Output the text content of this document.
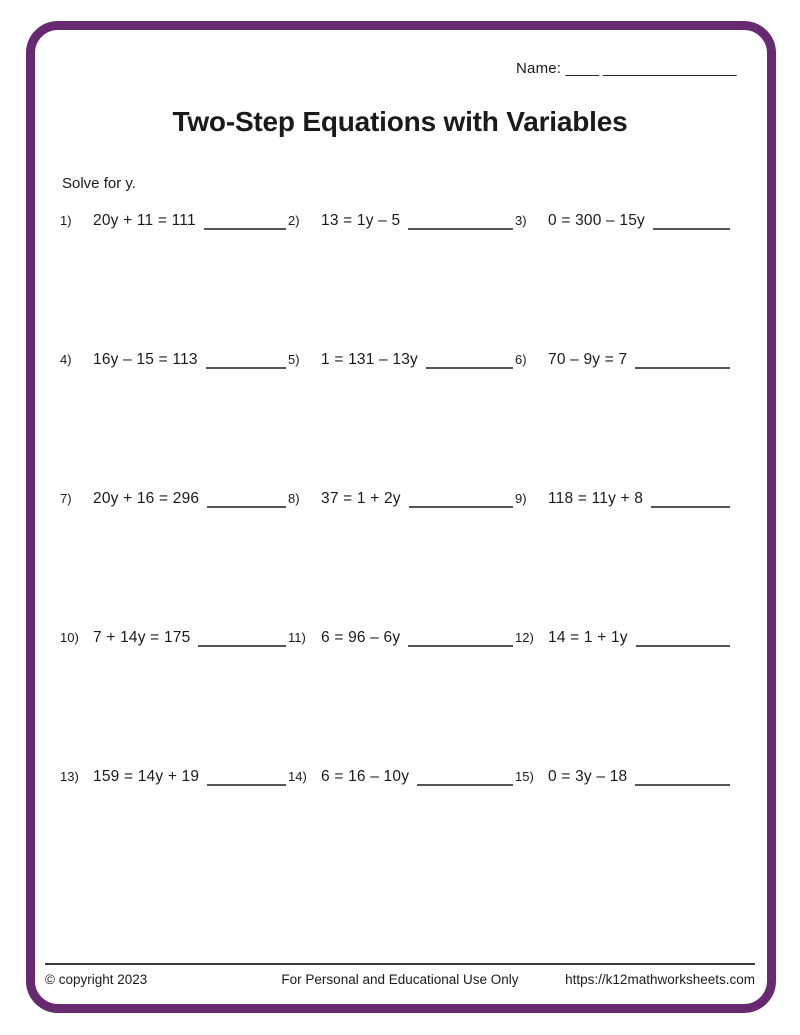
Name: ____ ________________
Two-Step Equations with Variables
Solve for y.
1)	20y + 11 = 111	2)	13 = 1y – 5	3)	0 = 300 – 15y
4)	16y – 15 = 113	5)	1 = 131 – 13y	6)	70 – 9y = 7
7)	20y + 16 = 296	8)	37 = 1 + 2y	9)	118 = 11y + 8
10) 7 + 14y = 175	11) 6 = 96 – 6y	12) 14 = 1 + 1y
13) 159 = 14y + 19	14) 6 = 16 – 10y	15) 0 = 3y – 18
For Personal and Educational Use Only
© copyright 2023	https://k12mathworksheets.com
